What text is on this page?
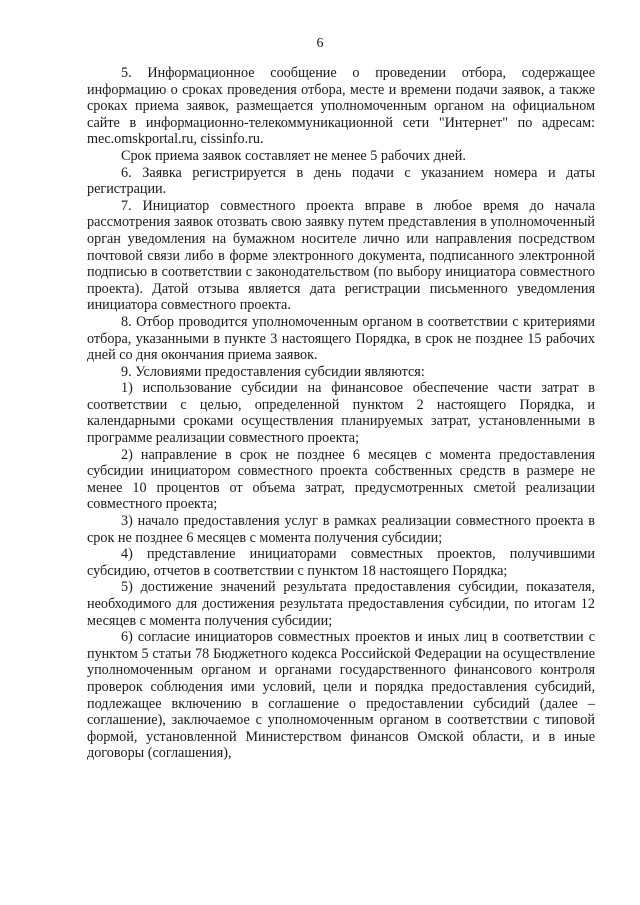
6

5. Информационное сообщение о проведении отбора, содержащее информацию о сроках проведения отбора, месте и времени подачи заявок, а также сроках приема заявок, размещается уполномоченным органом на официальном сайте в информационно-телекоммуникационной сети "Интернет" по адресам: mec.omskportal.ru, cissinfo.ru.

Срок приема заявок составляет не менее 5 рабочих дней.

6. Заявка регистрируется в день подачи с указанием номера и даты регистрации.

7. Инициатор совместного проекта вправе в любое время до начала рассмотрения заявок отозвать свою заявку путем представления в уполномоченный орган уведомления на бумажном носителе лично или направления посредством почтовой связи либо в форме электронного документа, подписанного электронной подписью в соответствии с законодательством (по выбору инициатора совместного проекта). Датой отзыва является дата регистрации письменного уведомления инициатора совместного проекта.

8. Отбор проводится уполномоченным органом в соответствии с критериями отбора, указанными в пункте 3 настоящего Порядка, в срок не позднее 15 рабочих дней со дня окончания приема заявок.

9. Условиями предоставления субсидии являются:

1) использование субсидии на финансовое обеспечение части затрат в соответствии с целью, определенной пунктом 2 настоящего Порядка, и календарными сроками осуществления планируемых затрат, установленными в программе реализации совместного проекта;

2) направление в срок не позднее 6 месяцев с момента предоставления субсидии инициатором совместного проекта собственных средств в размере не менее 10 процентов от объема затрат, предусмотренных сметой реализации совместного проекта;

3) начало предоставления услуг в рамках реализации совместного проекта в срок не позднее 6 месяцев с момента получения субсидии;

4) представление инициаторами совместных проектов, получившими субсидию, отчетов в соответствии с пунктом 18 настоящего Порядка;

5) достижение значений результата предоставления субсидии, показателя, необходимого для достижения результата предоставления субсидии, по итогам 12 месяцев с момента получения субсидии;

6) согласие инициаторов совместных проектов и иных лиц в соответствии с пунктом 5 статьи 78 Бюджетного кодекса Российской Федерации на осуществление уполномоченным органом и органами государственного финансового контроля проверок соблюдения ими условий, цели и порядка предоставления субсидий, подлежащее включению в соглашение о предоставлении субсидий (далее – соглашение), заключаемое с уполномоченным органом в соответствии с типовой формой, установленной Министерством финансов Омской области, и в иные договоры (соглашения),
